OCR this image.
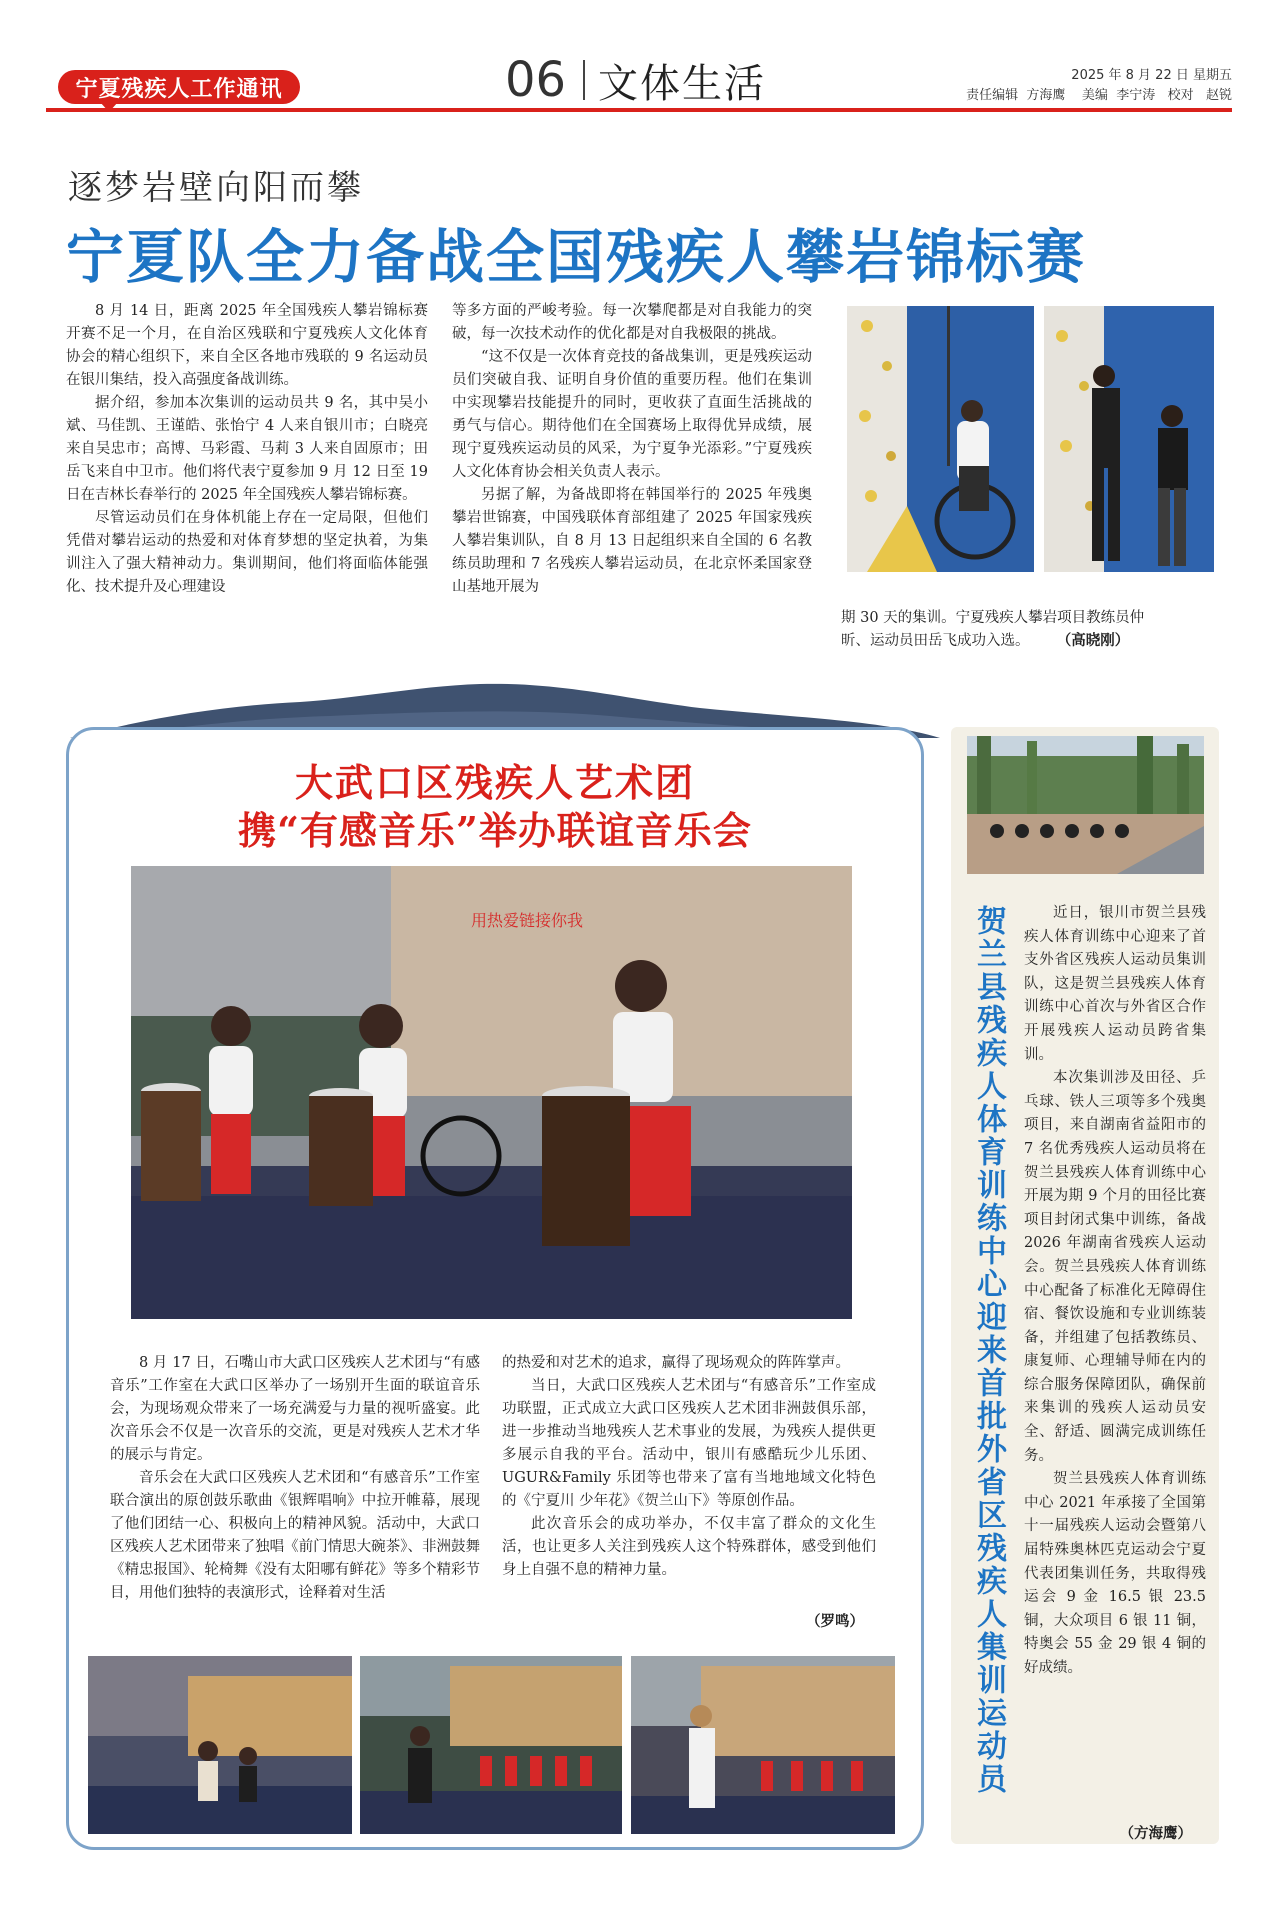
宁夏残疾人工作通讯	06 文体生活	2025 年 8 月 22 日 星期五
责任编辑  方海鹰    美编  李宁涛   校对   赵锐
逐梦岩壁向阳而攀
宁夏队全力备战全国残疾人攀岩锦标赛

8 月 14 日，距离 2025 年全国残疾人攀岩锦标赛开赛不足一个月，在自治区残联和宁夏残疾人文化体育协会的精心组织下，来自全区各地市残联的 9 名运动员在银川集结，投入高强度备战训练。

据介绍，参加本次集训的运动员共 9 名，其中吴小斌、马佳凯、王谨皓、张怡宁 4 人来自银川市；白晓亮来自吴忠市；高博、马彩霞、马莉 3 人来自固原市；田岳飞来自中卫市。他们将代表宁夏参加 9 月 12 日至 19 日在吉林长春举行的 2025 年全国残疾人攀岩锦标赛。

尽管运动员们在身体机能上存在一定局限，但他们凭借对攀岩运动的热爱和对体育梦想的坚定执着，为集训注入了强大精神动力。集训期间，他们将面临体能强化、技术提升及心理建设

等多方面的严峻考验。每一次攀爬都是对自我能力的突破，每一次技术动作的优化都是对自我极限的挑战。

“这不仅是一次体育竞技的备战集训，更是残疾运动员们突破自我、证明自身价值的重要历程。他们在集训中实现攀岩技能提升的同时，更收获了直面生活挑战的勇气与信心。期待他们在全国赛场上取得优异成绩，展现宁夏残疾运动员的风采，为宁夏争光添彩。”宁夏残疾人文化体育协会相关负责人表示。

另据了解，为备战即将在韩国举行的 2025 年残奥攀岩世锦赛，中国残联体育部组建了 2025 年国家残疾人攀岩集训队，自 8 月 13 日起组织来自全国的 6 名教练员助理和 7 名残疾人攀岩运动员，在北京怀柔国家登山基地开展为

期 30 天的集训。宁夏残疾人攀岩项目教练员仲昕、运动员田岳飞成功入选。 （高晓刚）
大武口区残疾人艺术团
携“有感音乐”举办联谊音乐会
用热爱链接你我

8 月 17 日，石嘴山市大武口区残疾人艺术团与“有感音乐”工作室在大武口区举办了一场别开生面的联谊音乐会，为现场观众带来了一场充满爱与力量的视听盛宴。此次音乐会不仅是一次音乐的交流，更是对残疾人艺术才华的展示与肯定。

音乐会在大武口区残疾人艺术团和“有感音乐”工作室联合演出的原创鼓乐歌曲《银辉唱响》中拉开帷幕，展现了他们团结一心、积极向上的精神风貌。活动中，大武口区残疾人艺术团带来了独唱《前门情思大碗茶》、非洲鼓舞《精忠报国》、轮椅舞《没有太阳哪有鲜花》等多个精彩节目，用他们独特的表演形式，诠释着对生活

的热爱和对艺术的追求，赢得了现场观众的阵阵掌声。

当日，大武口区残疾人艺术团与“有感音乐”工作室成功联盟，正式成立大武口区残疾人艺术团非洲鼓俱乐部，进一步推动当地残疾人艺术事业的发展，为残疾人提供更多展示自我的平台。活动中，银川有感酷玩少儿乐团、UGUR&Family 乐团等也带来了富有当地地域文化特色的《宁夏川 少年花》《贺兰山下》等原创作品。

此次音乐会的成功举办，不仅丰富了群众的文化生活，也让更多人关注到残疾人这个特殊群体，感受到他们身上自强不息的精神力量。

（罗鸣）	贺兰县残疾人体育训练中心迎来首批外省区残疾人集训运动员	近日，银川市贺兰县残疾人体育训练中心迎来了首支外省区残疾人运动员集训队，这是贺兰县残疾人体育训练中心首次与外省区合作开展残疾人运动员跨省集训。

本次集训涉及田径、乒乓球、铁人三项等多个残奥项目，来自湖南省益阳市的 7 名优秀残疾人运动员将在贺兰县残疾人体育训练中心开展为期 9 个月的田径比赛项目封闭式集中训练，备战 2026 年湖南省残疾人运动会。贺兰县残疾人体育训练中心配备了标准化无障碍住宿、餐饮设施和专业训练装备，并组建了包括教练员、康复师、心理辅导师在内的综合服务保障团队，确保前来集训的残疾人运动员安全、舒适、圆满完成训练任务。

贺兰县残疾人体育训练中心 2021 年承接了全国第十一届残疾人运动会暨第八届特殊奥林匹克运动会宁夏代表团集训任务，共取得残运会 9 金 16.5 银 23.5 铜，大众项目 6 银 11 铜，特奥会 55 金 29 银 4 铜的好成绩。

（方海鹰）
